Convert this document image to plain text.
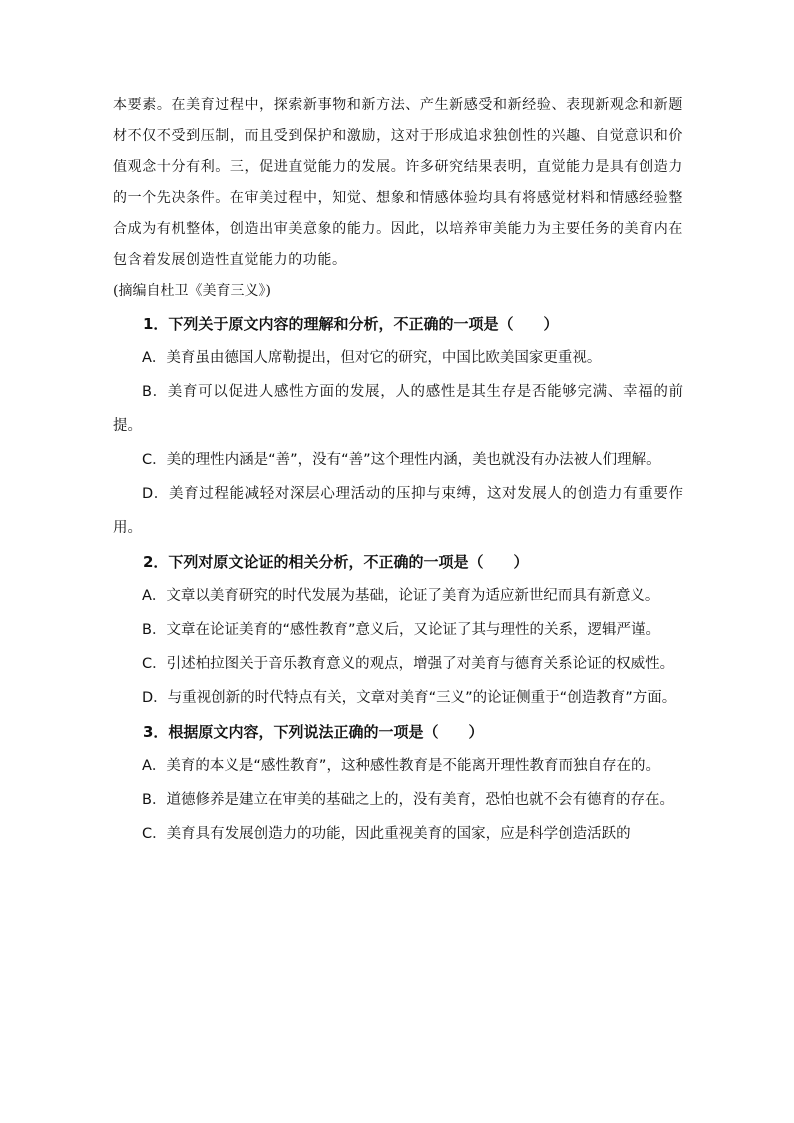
本要素。在美育过程中，探索新事物和新方法、产生新感受和新经验、表现新观念和新题材不仅不受到压制，而且受到保护和激励，这对于形成追求独创性的兴趣、自觉意识和价值观念十分有利。三，促进直觉能力的发展。许多研究结果表明，直觉能力是具有创造力的一个先决条件。在审美过程中，知觉、想象和情感体验均具有将感觉材料和情感经验整合成为有机整体，创造出审美意象的能力。因此，以培养审美能力为主要任务的美育内在包含着发展创造性直觉能力的功能。

(摘编自杜卫《美育三义》)

1．下列关于原文内容的理解和分析，不正确的一项是（　　）

A．美育虽由德国人席勒提出，但对它的研究，中国比欧美国家更重视。

B．美育可以促进人感性方面的发展，人的感性是其生存是否能够完满、幸福的前提。

C．美的理性内涵是“善”，没有“善”这个理性内涵，美也就没有办法被人们理解。

D．美育过程能减轻对深层心理活动的压抑与束缚，这对发展人的创造力有重要作用。

2．下列对原文论证的相关分析，不正确的一项是（　　）

A．文章以美育研究的时代发展为基础，论证了美育为适应新世纪而具有新意义。

B．文章在论证美育的“感性教育”意义后，又论证了其与理性的关系，逻辑严谨。

C．引述柏拉图关于音乐教育意义的观点，增强了对美育与德育关系论证的权威性。

D．与重视创新的时代特点有关，文章对美育“三义”的论证侧重于“创造教育”方面。

3．根据原文内容，下列说法正确的一项是（　　）

A．美育的本义是“感性教育”，这种感性教育是不能离开理性教育而独自存在的。

B．道德修养是建立在审美的基础之上的，没有美育，恐怕也就不会有德育的存在。

C．美育具有发展创造力的功能，因此重视美育的国家，应是科学创造活跃的
